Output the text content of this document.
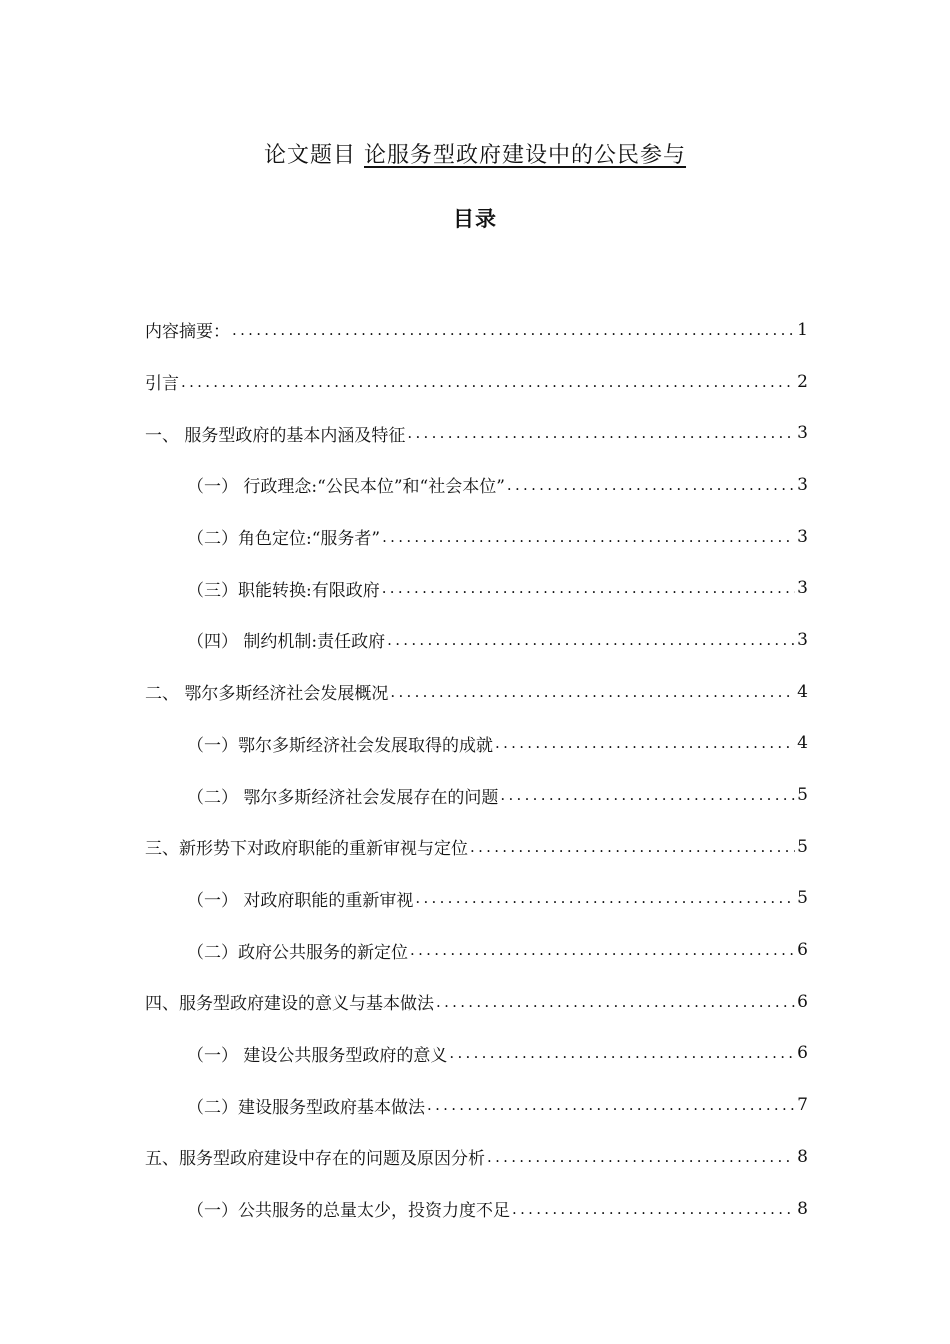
论文题目 论服务型政府建设中的公民参与
目录
内容摘要： .....	1
引言 .....	2
一、 服务型政府的基本内涵及特征 .....	3
（一） 行政理念:“公民本位”和“社会本位” .....	3
（二）角色定位:“服务者” .....	3
（三）职能转换:有限政府 .....	3
（四） 制约机制:责任政府 .....	3
二、 鄂尔多斯经济社会发展概况 .....	4
（一）鄂尔多斯经济社会发展取得的成就 .....	4
（二） 鄂尔多斯经济社会发展存在的问题 .....	5
三、新形势下对政府职能的重新审视与定位 .....	5
（一） 对政府职能的重新审视 .....	5
（二）政府公共服务的新定位 .....	6
四、服务型政府建设的意义与基本做法 .....	6
（一） 建设公共服务型政府的意义 .....	6
（二）建设服务型政府基本做法 .....	7
五、服务型政府建设中存在的问题及原因分析 .....	8
（一）公共服务的总量太少，投资力度不足 .....	8
